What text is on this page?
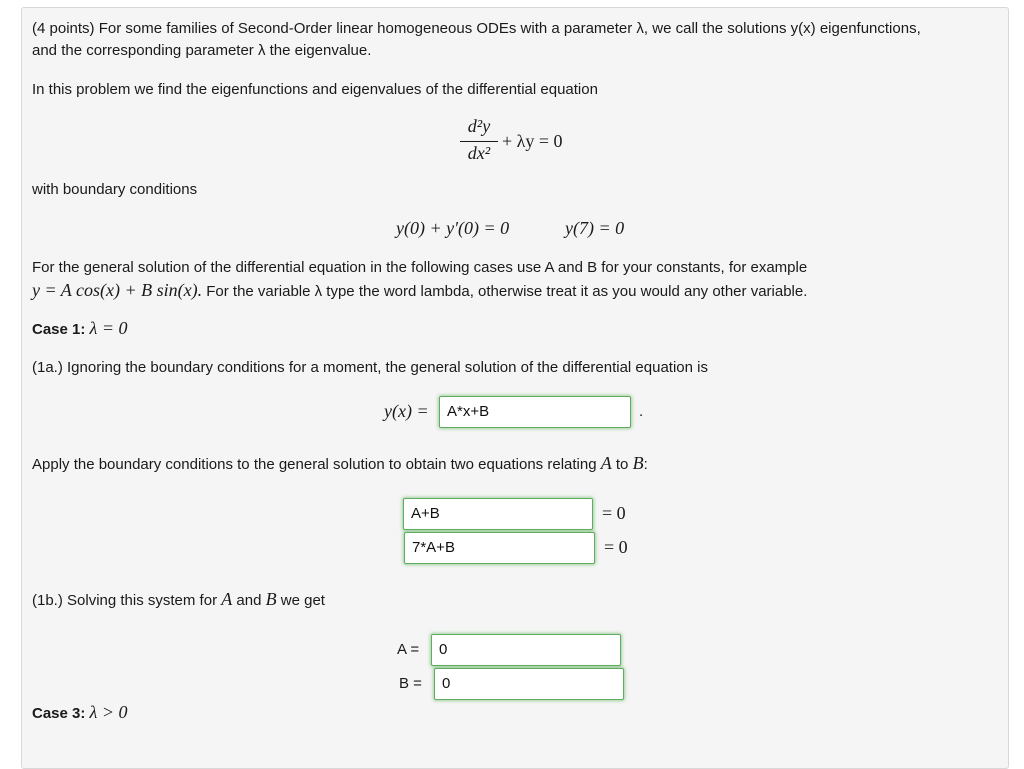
(4 points) For some families of Second-Order linear homogeneous ODEs with a parameter λ, we call the solutions y(x) eigenfunctions,
and the corresponding parameter λ the eigenvalue.
In this problem we find the eigenfunctions and eigenvalues of the differential equation
d²y
dx²
+ λy = 0
with boundary conditions
y(0) + y′(0) = 0	y(7) = 0
For the general solution of the differential equation in the following cases use A and B for your constants, for example
y = A cos(x) + B sin(x). For the variable λ type the word lambda, otherwise treat it as you would any other variable.
Case 1: λ = 0
(1a.) Ignoring the boundary conditions for a moment, the general solution of the differential equation is
y(x) =	A*x+B	.
Apply the boundary conditions to the general solution to obtain two equations relating A to B:
A+B	= 0
7*A+B	= 0
(1b.) Solving this system for A and B we get
A =	0
B =	0
Case 3: λ > 0
